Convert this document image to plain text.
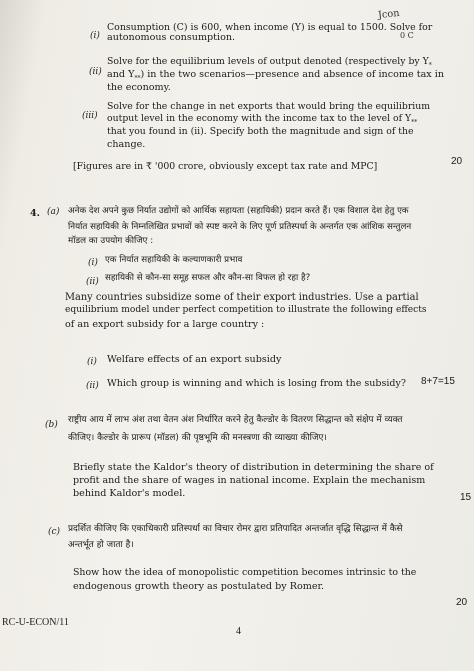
(i)
Consumption (C) is 600, when income (Y) is equal to 1500. Solve for
autonomous consumption.
Jcon
0 C
(ii)
Solve for the equilibrium levels of output denoted (respectively by $Y_*$
and $Y_{**}$) in the two scenarios—presence and absence of income tax in
the economy.
(iii)
Solve for the change in net exports that would bring the equilibrium
output level in the economy with the income tax to the level of $Y_{**}$
that you found in (ii). Specify both the magnitude and sign of the
change.
[Figures are in ₹ '000 crore, obviously except tax rate and MPC]	20
4. (a) अनेक देश अपने कुछ निर्यात उद्योगों को आर्थिक सहायता (सहायिकी) प्रदान करते हैं। एक विशाल देश हेतु एक
निर्यात सहायिकी के निम्नलिखित प्रभावों को स्पष्ट करने के लिए पूर्ण प्रतिस्पर्धा के अन्तर्गत एक आंशिक सन्तुलन
मॉडल का उपयोग कीजिए :
(i) एक निर्यात सहायिकी के कल्याणकारी प्रभाव
(ii) सहायिकी से कौन-सा समूह सफल और कौन-सा विफल हो रहा है?
Many countries subsidize some of their export industries. Use a partial
equilibrium model under perfect competition to illustrate the following effects
of an export subsidy for a large country :
(i) Welfare effects of an export subsidy
(ii) Which group is winning and which is losing from the subsidy? 8+7=15
(b) राष्ट्रीय आय में लाभ अंश तथा वेतन अंश निर्धारित करने हेतु कैल्डोर के वितरण सिद्धान्त को संक्षेप में व्यक्त
कीजिए। कैल्डोर के प्रारूप (मॉडल) की पृष्ठभूमि की मनस्त्रणा की व्याख्या कीजिए।
Briefly state the Kaldor's theory of distribution in determining the share of
profit and the share of wages in national income. Explain the mechanism
behind Kaldor's model.	15
(c) प्रदर्शित कीजिए कि एकाधिकारी प्रतिस्पर्धा का विचार रोमर द्वारा प्रतिपादित अन्तर्जात वृद्धि सिद्धान्त में कैसे
अन्तर्भूत हो जाता है।
Show how the idea of monopolistic competition becomes intrinsic to the
endogenous growth theory as postulated by Romer.
20
RC-U-ECON/11
4
